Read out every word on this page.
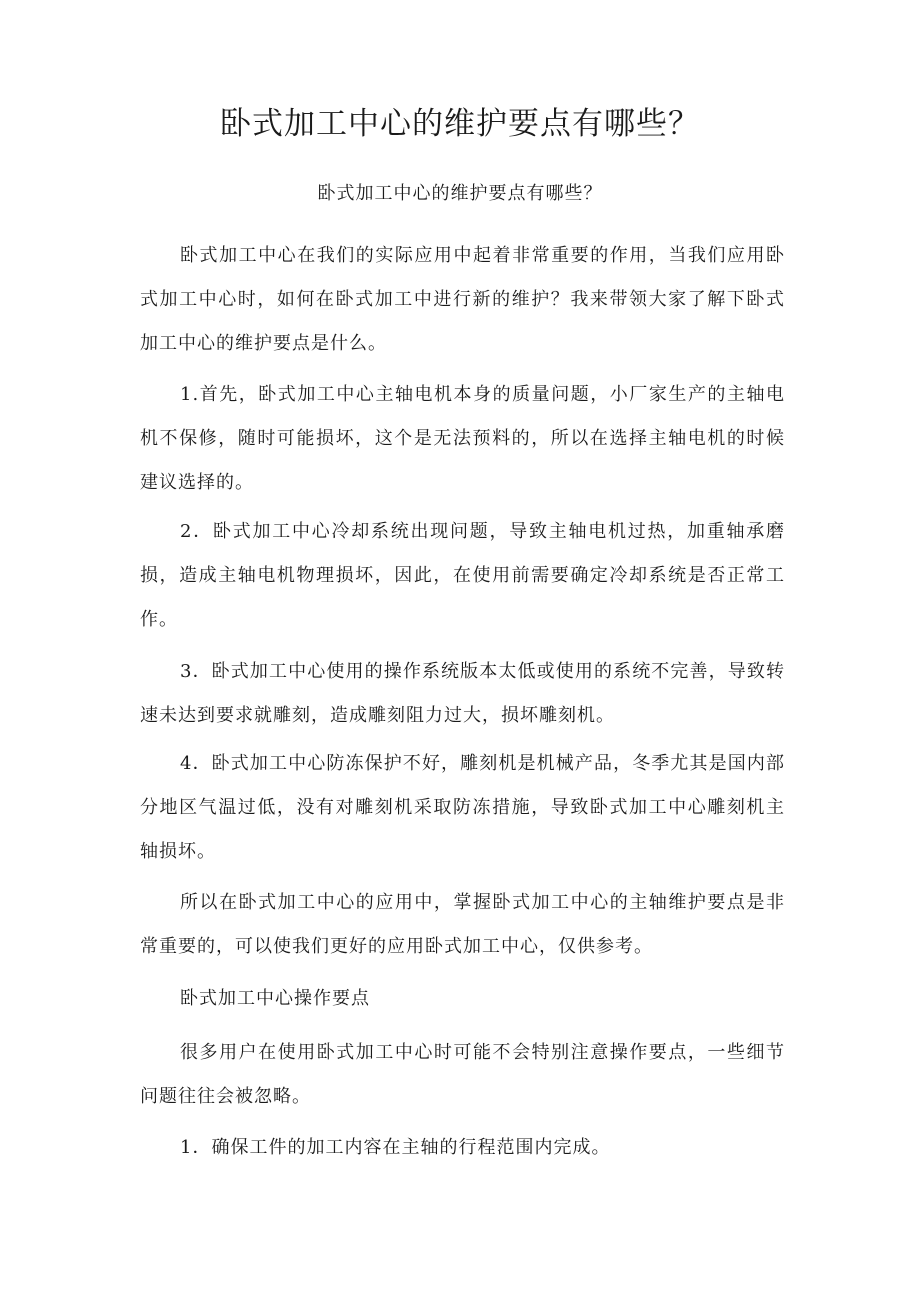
卧式加工中心的维护要点有哪些？

卧式加工中心的维护要点有哪些？

卧式加工中心在我们的实际应用中起着非常重要的作用，当我们应用卧式加工中心时，如何在卧式加工中进行新的维护？我来带领大家了解下卧式加工中心的维护要点是什么。

1.首先，卧式加工中心主轴电机本身的质量问题，小厂家生产的主轴电机不保修，随时可能损坏，这个是无法预料的，所以在选择主轴电机的时候建议选择的。

2．卧式加工中心冷却系统出现问题，导致主轴电机过热，加重轴承磨损，造成主轴电机物理损坏，因此，在使用前需要确定冷却系统是否正常工作。

3．卧式加工中心使用的操作系统版本太低或使用的系统不完善，导致转速未达到要求就雕刻，造成雕刻阻力过大，损坏雕刻机。

4．卧式加工中心防冻保护不好，雕刻机是机械产品，冬季尤其是国内部分地区气温过低，没有对雕刻机采取防冻措施，导致卧式加工中心雕刻机主轴损坏。

所以在卧式加工中心的应用中，掌握卧式加工中心的主轴维护要点是非常重要的，可以使我们更好的应用卧式加工中心，仅供参考。

卧式加工中心操作要点

很多用户在使用卧式加工中心时可能不会特别注意操作要点，一些细节问题往往会被忽略。

1．确保工件的加工内容在主轴的行程范围内完成。
